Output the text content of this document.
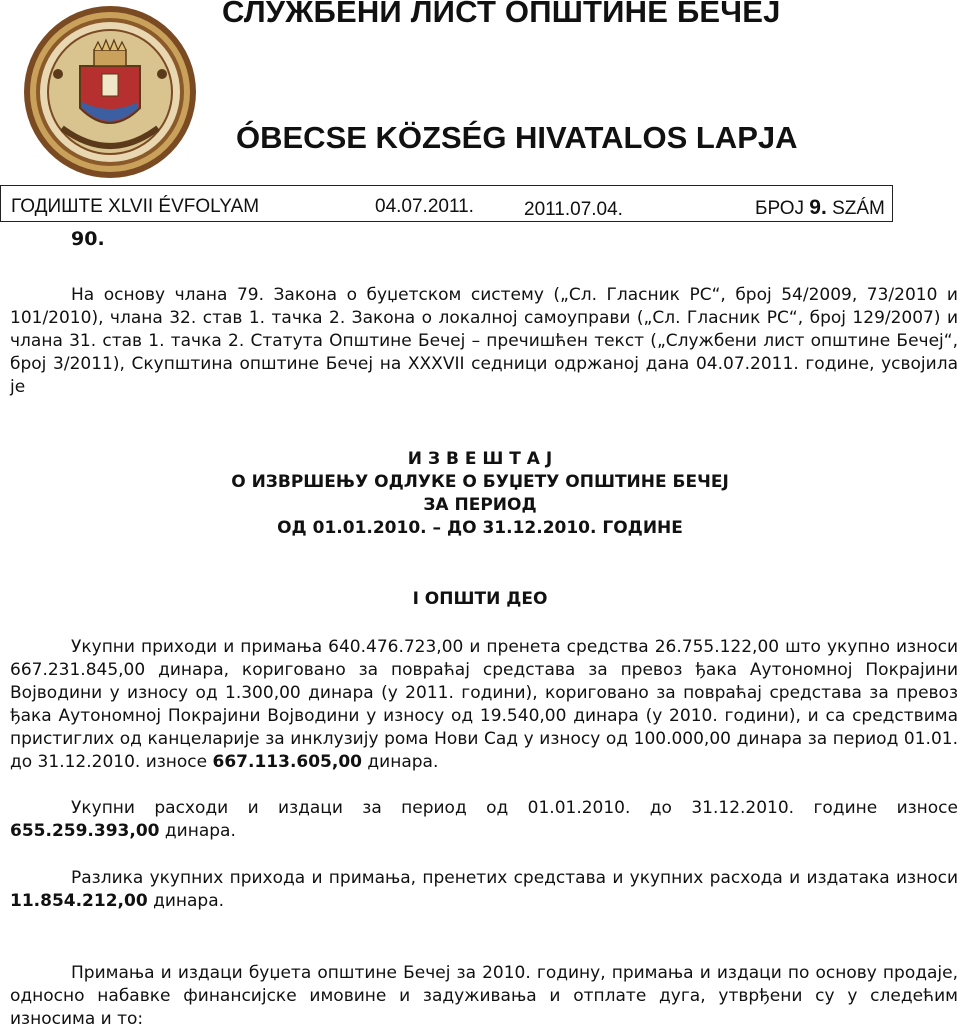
СЛУЖБЕНИ ЛИСТ ОПШТИНЕ БЕЧЕЈ
ÓBECSE KÖZSÉG HIVATALOS LAPJA
ГОДИШТЕ XLVII ÉVFOLYAM	04.07.2011.	2011.07.04.	БРОЈ 9. SZÁM
90.

На основу члана 79. Закона о буџетском систему („Сл. Гласник РС“, број 54/2009, 73/2010 и 101/2010), члана 32. став 1. тачка 2. Закона о локалној самоуправи („Сл. Гласник РС“, број 129/2007) и члана 31. став 1. тачка 2. Статута Општине Бечеј – пречишћен текст („Службени лист општине Бечеј“, број 3/2011), Скупштина општине Бечеј на XXXVII седници одржаној дана 04.07.2011. године, усвојила је

И З В Е Ш Т А Ј
О ИЗВРШЕЊУ ОДЛУКЕ О БУЏЕТУ ОПШТИНЕ БЕЧЕЈ
ЗА ПЕРИОД
ОД 01.01.2010. – ДО 31.12.2010. ГОДИНЕ
I ОПШТИ ДЕО

Укупни приходи и примања 640.476.723,00 и пренета средства 26.755.122,00 што укупно износи 667.231.845,00 динара, кориговано за повраћај средстава за превоз ђака Аутономној Покрајини Војводини у износу од 1.300,00 динара (у 2011. години), кориговано за повраћај средстава за превоз ђака Аутономној Покрајини Војводини у износу од 19.540,00 динара (у 2010. години), и са средствима пристиглих од канцеларије за инклузију рома Нови Сад у износу од 100.000,00 динара за период 01.01. до 31.12.2010. износе 667.113.605,00 динара.

Укупни расходи и издаци за период од 01.01.2010. до 31.12.2010. године износе 655.259.393,00 динара.

Разлика укупних прихода и примања, пренетих средстава и укупних расхода и издатака износи 11.854.212,00 динара.

Примања и издаци буџета општине Бечеј за 2010. годину, примања и издаци по основу продаје, односно набавке финансијске имовине и задуживања и отплате дуга, утврђени су у следећим износима и то:
